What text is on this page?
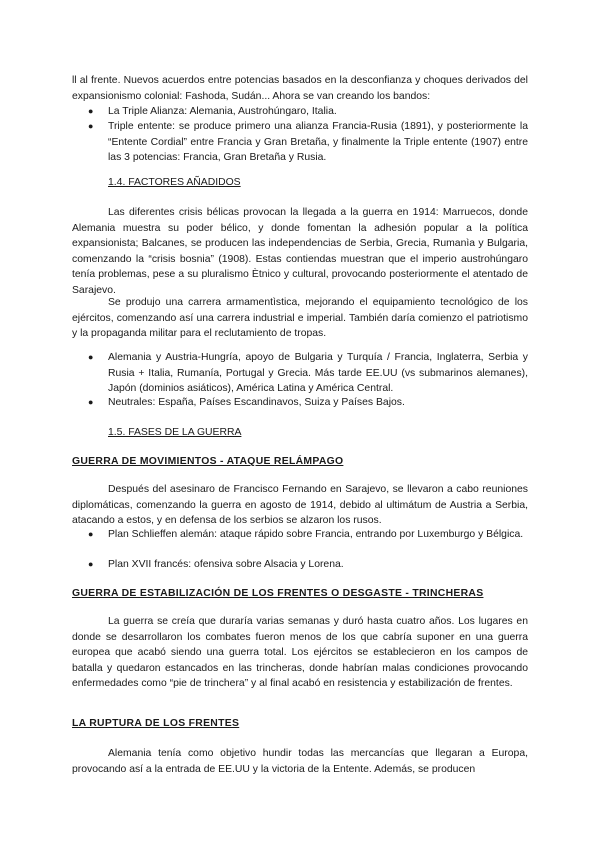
ll al frente. Nuevos acuerdos entre potencias basados en la desconfianza y choques derivados del expansionismo colonial: Fashoda, Sudán... Ahora se van creando los bandos:

●	La Triple Alianza: Alemania, Austrohúngaro, Italia.
●	Triple entente: se produce primero una alianza Francia-Rusia (1891), y posteriormente la “Entente Cordial” entre Francia y Gran Bretaña, y finalmente la Triple entente (1907) entre las 3 potencias: Francia, Gran Bretaña y Rusia.

1.4. FACTORES AÑADIDOS

Las diferentes crisis bélicas provocan la llegada a la guerra en 1914: Marruecos, donde Alemania muestra su poder bélico, y donde fomentan la adhesión popular a la política expansionista; Balcanes, se producen las independencias de Serbia, Grecia, Rumanìa y Bulgaria, comenzando la “crisis bosnia” (1908). Estas contiendas muestran que el imperio austrohúngaro tenía problemas, pese a su pluralismo Ètnico y cultural, provocando posteriormente el atentado de Sarajevo.

Se produjo una carrera armamentìstica, mejorando el equipamiento tecnológico de los ejércitos, comenzando así una carrera industrial e imperial. También daría comienzo el patriotismo y la propaganda militar para el reclutamiento de tropas.

●	Alemania y Austria-Hungría, apoyo de Bulgaria y Turquía / Francia, Inglaterra, Serbia y Rusia + Italia, Rumanía, Portugal y Grecia. Más tarde EE.UU (vs submarinos alemanes), Japón (dominios asiáticos), América Latina y América Central.
●	Neutrales: España, Países Escandinavos, Suiza y Países Bajos.

1.5. FASES DE LA GUERRA

GUERRA DE MOVIMIENTOS - ATAQUE RELÁMPAGO

Después del asesinaro de Francisco Fernando en Sarajevo, se llevaron a cabo reuniones diplomáticas, comenzando la guerra en agosto de 1914, debido al ultimátum de Austria a Serbia, atacando a estos, y en defensa de los serbios se alzaron los rusos.

●	Plan Schlieffen alemán: ataque rápido sobre Francia, entrando por Luxemburgo y Bélgica.
●	Plan XVII francés: ofensiva sobre Alsacia y Lorena.

GUERRA DE ESTABILIZACIÓN DE LOS FRENTES O DESGASTE - TRINCHERAS

La guerra se creía que duraría varias semanas y duró hasta cuatro años. Los lugares en donde se desarrollaron los combates fueron menos de los que cabría suponer en una guerra europea que acabó siendo una guerra total. Los ejércitos se establecieron en los campos de batalla y quedaron estancados en las trincheras, donde habrían malas condiciones provocando enfermedades como “pie de trinchera” y al final acabó en resistencia y estabilización de frentes.

LA RUPTURA DE LOS FRENTES

Alemania tenía como objetivo hundir todas las mercancías que llegaran a Europa, provocando así a la entrada de EE.UU y la victoria de la Entente. Además, se producen
